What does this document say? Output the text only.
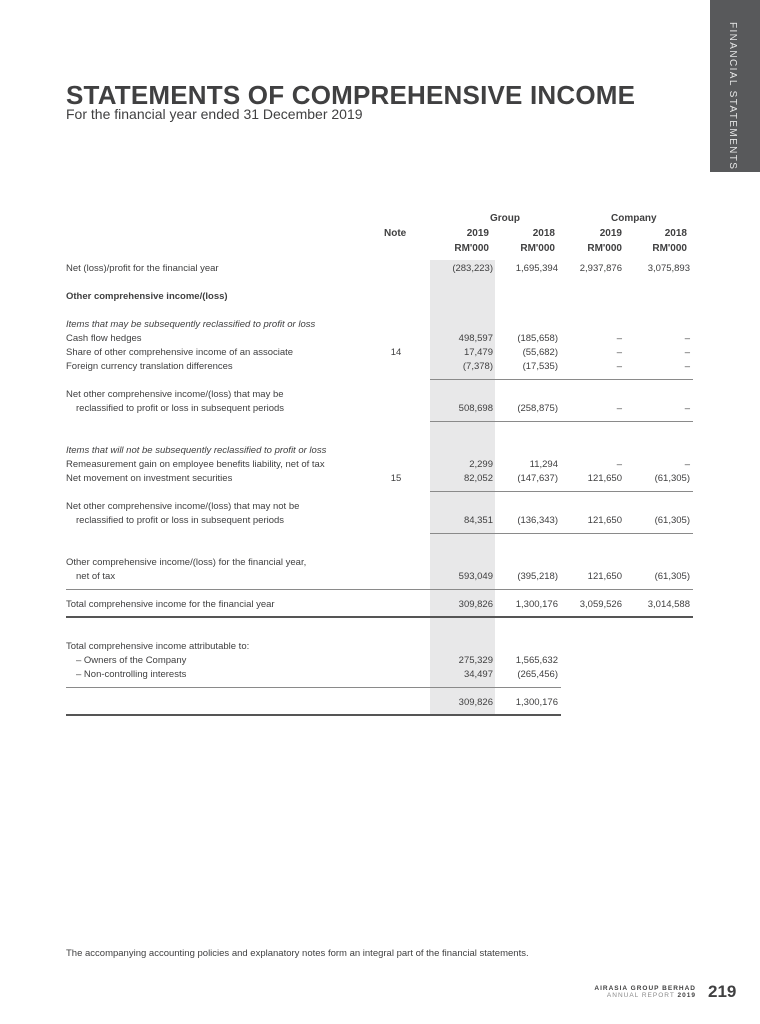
FINANCIAL STATEMENTS
STATEMENTS OF COMPREHENSIVE INCOME

For the financial year ended 31 December 2019

Group	Company
Note	2019	2018	2019	2018
RM'000	RM'000	RM'000	RM'000
Net (loss)/profit for the financial year	(283,223)	1,695,394	2,937,876	3,075,893
Other comprehensive income/(loss)
Items that may be subsequently reclassified to profit or loss
Cash flow hedges	498,597	(185,658)	–	–
Share of other comprehensive income of an associate	14	17,479	(55,682)	–	–
Foreign currency translation differences	(7,378)	(17,535)	–	–
Net other comprehensive income/(loss) that may be
reclassified to profit or loss in subsequent periods	508,698	(258,875)	–	–
Items that will not be subsequently reclassified to profit or loss
Remeasurement gain on employee benefits liability, net of tax	2,299	11,294	–	–
Net movement on investment securities	15	82,052	(147,637)	121,650	(61,305)
Net other comprehensive income/(loss) that may not be
reclassified to profit or loss in subsequent periods	84,351	(136,343)	121,650	(61,305)
Other comprehensive income/(loss) for the financial year,
net of tax	593,049	(395,218)	121,650	(61,305)
Total comprehensive income for the financial year	309,826	1,300,176	3,059,526	3,014,588
Total comprehensive income attributable to:
– Owners of the Company	275,329	1,565,632
– Non-controlling interests	34,497	(265,456)
309,826	1,300,176

The accompanying accounting policies and explanatory notes form an integral part of the financial statements.

AIRASIA GROUP BERHAD
ANNUAL REPORT 2019 219
